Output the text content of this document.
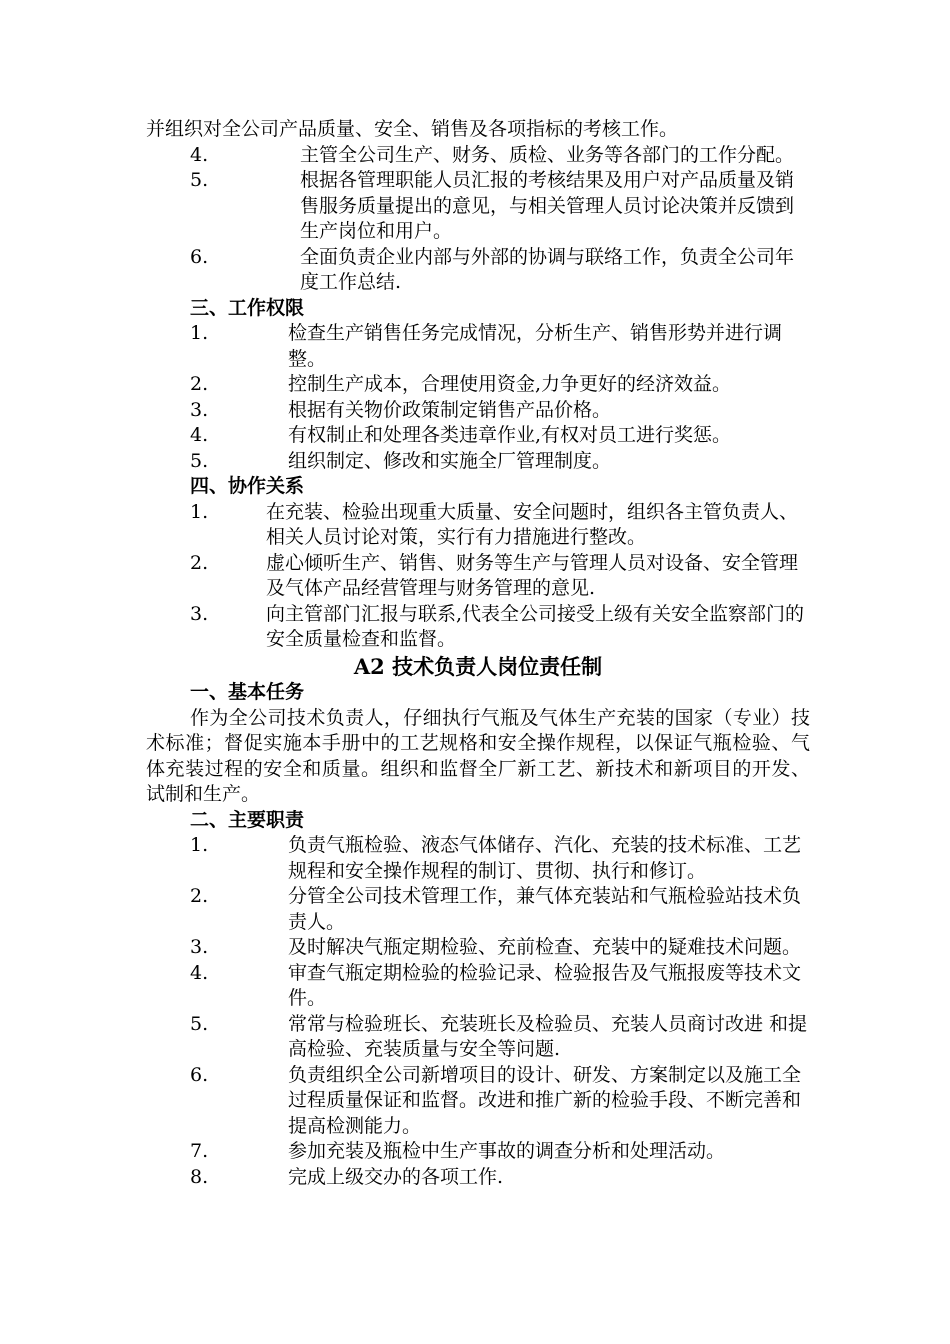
并组织对全公司产品质量、安全、销售及各项指标的考核工作。

4.	主管全公司生产、财务、质检、业务等各部门的工作分配。
5.	根据各管理职能人员汇报的考核结果及用户对产品质量及销售服务质量提出的意见，与相关管理人员讨论决策并反馈到生产岗位和用户。
6.	全面负责企业内部与外部的协调与联络工作，负责全公司年度工作总结.

三、工作权限

1.	检查生产销售任务完成情况，分析生产、销售形势并进行调整。
2.	控制生产成本，合理使用资金,力争更好的经济效益。
3.	根据有关物价政策制定销售产品价格。
4.	有权制止和处理各类违章作业,有权对员工进行奖惩。
5.	组织制定、修改和实施全厂管理制度。

四、协作关系

1.	在充装、检验出现重大质量、安全问题时，组织各主管负责人、相关人员讨论对策，实行有力措施进行整改。
2.	虚心倾听生产、销售、财务等生产与管理人员对设备、安全管理及气体产品经营管理与财务管理的意见.
3.	向主管部门汇报与联系,代表全公司接受上级有关安全监察部门的安全质量检查和监督。

A2 技术负责人岗位责任制

一、基本任务

作为全公司技术负责人，仔细执行气瓶及气体生产充装的国家（专业）技术标准；督促实施本手册中的工艺规格和安全操作规程，以保证气瓶检验、气体充装过程的安全和质量。组织和监督全厂新工艺、新技术和新项目的开发、试制和生产。

二、主要职责

1.	负责气瓶检验、液态气体储存、汽化、充装的技术标准、工艺规程和安全操作规程的制订、贯彻、执行和修订。
2.	分管全公司技术管理工作，兼气体充装站和气瓶检验站技术负责人。
3.	及时解决气瓶定期检验、充前检查、充装中的疑难技术问题。
4.	审查气瓶定期检验的检验记录、检验报告及气瓶报废等技术文件。
5.	常常与检验班长、充装班长及检验员、充装人员商讨改进 和提高检验、充装质量与安全等问题.
6.	负责组织全公司新增项目的设计、研发、方案制定以及施工全过程质量保证和监督。改进和推广新的检验手段、不断完善和提高检测能力。
7.	参加充装及瓶检中生产事故的调查分析和处理活动。
8.	完成上级交办的各项工作.
